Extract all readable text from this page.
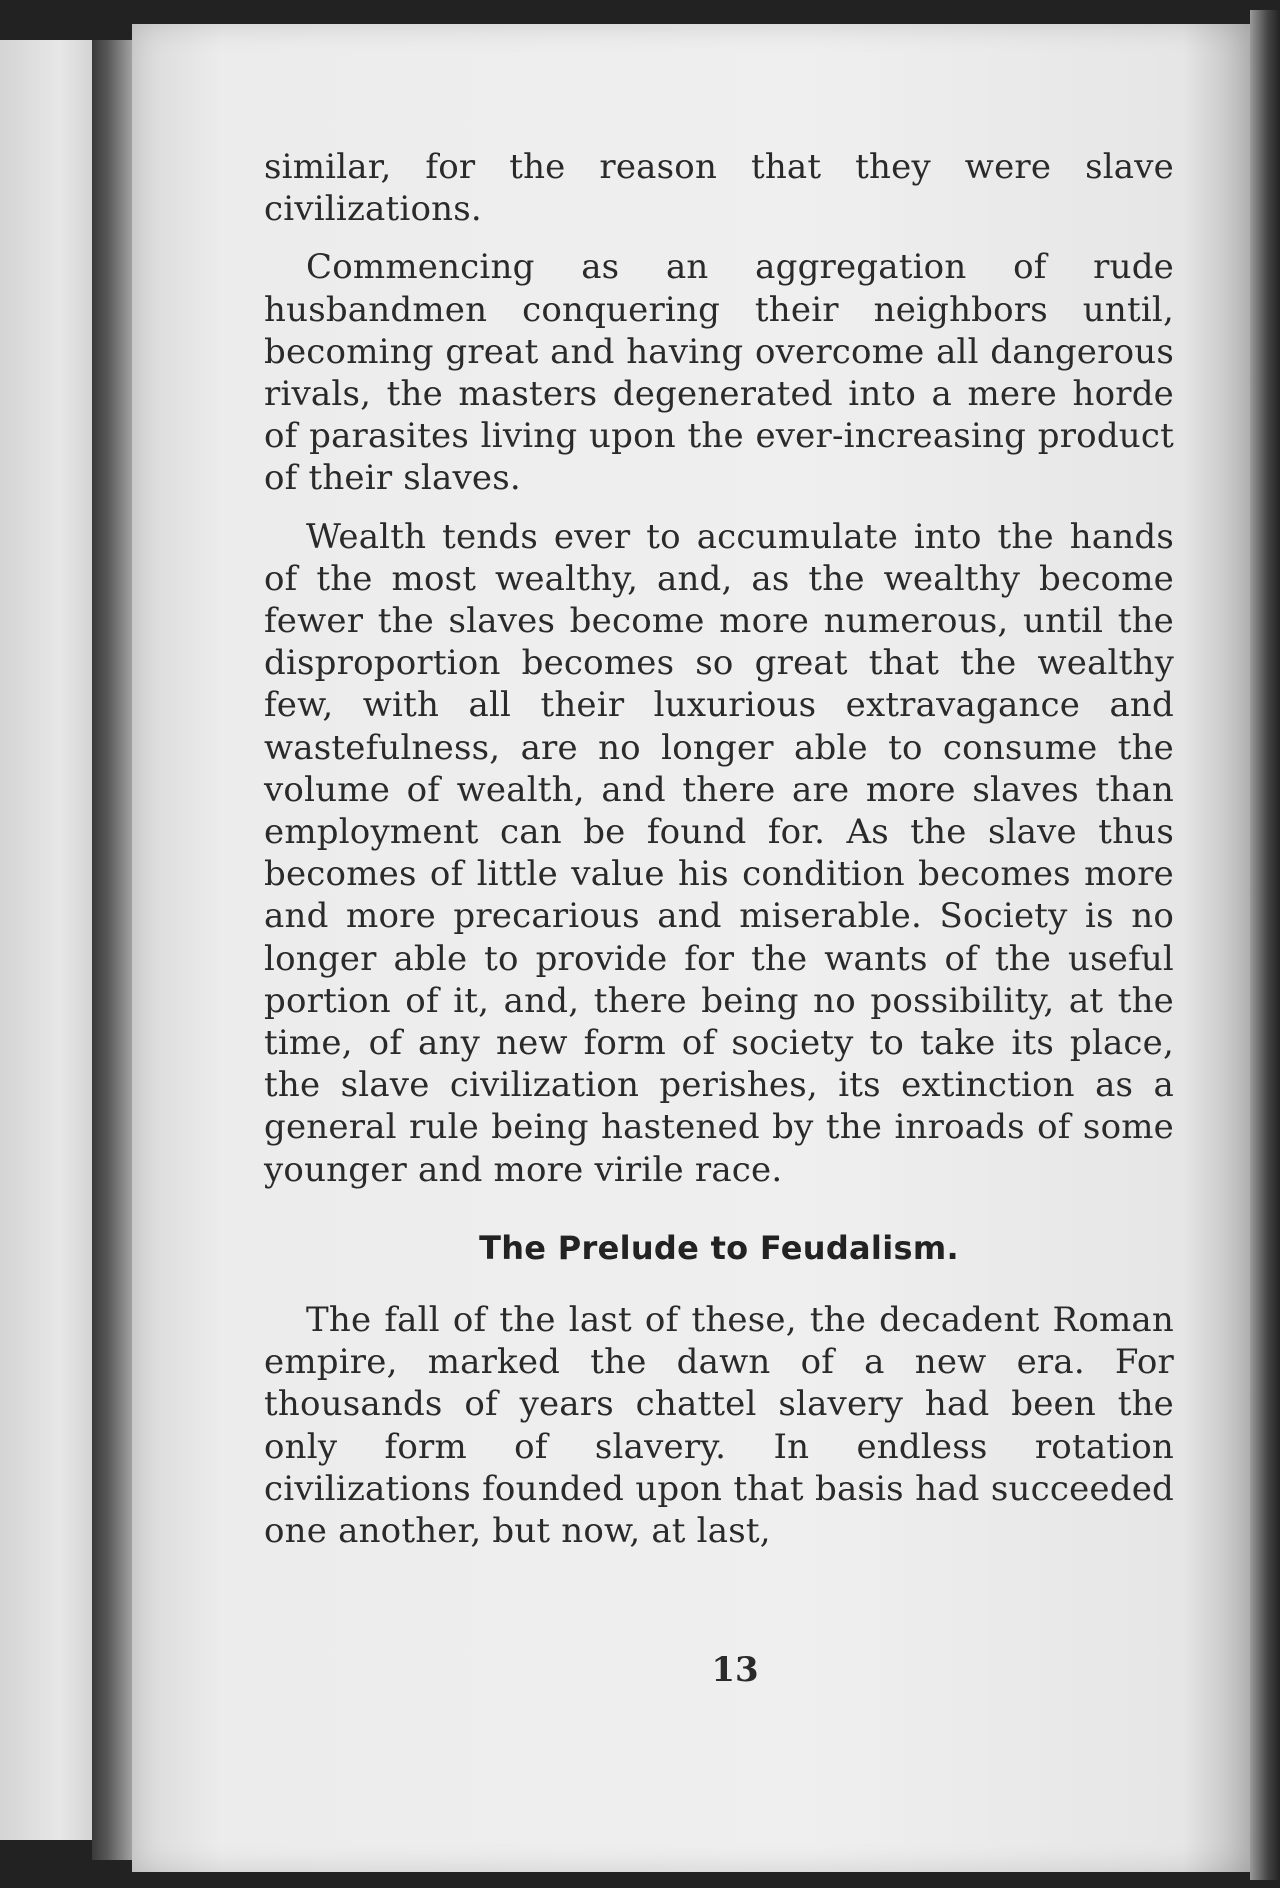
similar, for the reason that they were slave civilizations.

Commencing as an aggregation of rude husbandmen conquering their neighbors until, becoming great and having overcome all dangerous rivals, the masters degenerated into a mere horde of parasites living upon the ever-increasing product of their slaves.

Wealth tends ever to accumulate into the hands of the most wealthy, and, as the wealthy become fewer the slaves become more numerous, until the disproportion becomes so great that the wealthy few, with all their luxurious extravagance and wastefulness, are no longer able to consume the volume of wealth, and there are more slaves than employment can be found for. As the slave thus becomes of little value his condition becomes more and more precarious and miserable. Society is no longer able to provide for the wants of the useful portion of it, and, there being no possibility, at the time, of any new form of society to take its place, the slave civilization perishes, its extinction as a general rule being hastened by the inroads of some younger and more virile race.

The Prelude to Feudalism.

The fall of the last of these, the decadent Roman empire, marked the dawn of a new era. For thousands of years chattel slavery had been the only form of slavery. In endless rotation civilizations founded upon that basis had succeeded one another, but now, at last,

13
